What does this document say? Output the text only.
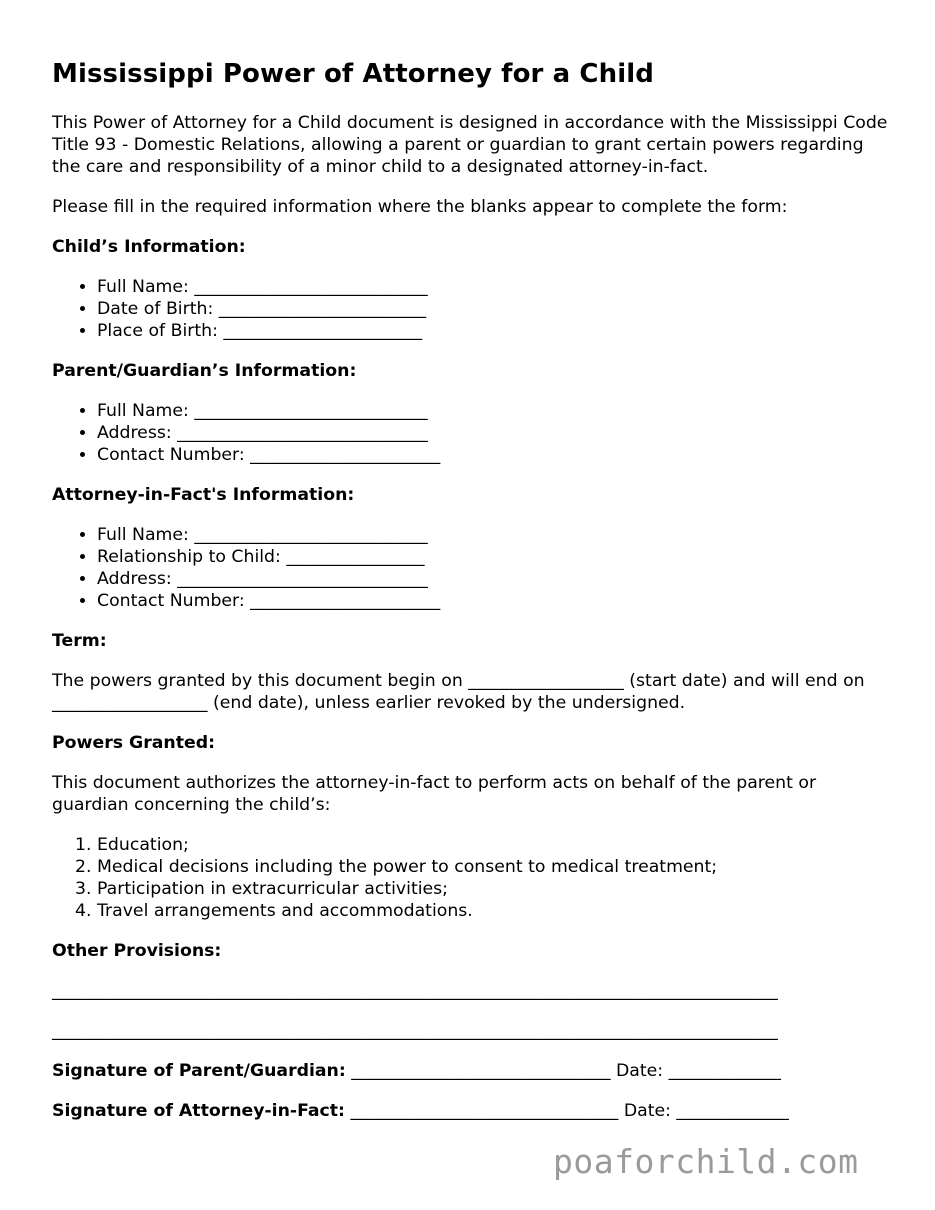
Mississippi Power of Attorney for a Child

This Power of Attorney for a Child document is designed in accordance with the Mississippi Code Title 93 - Domestic Relations, allowing a parent or guardian to grant certain powers regarding the care and responsibility of a minor child to a designated attorney-in-fact.

Please fill in the required information where the blanks appear to complete the form:

Child’s Information:
• Full Name: ___________________________
• Date of Birth: ________________________
• Place of Birth: _______________________
Parent/Guardian’s Information:
• Full Name: ___________________________
• Address: _____________________________
• Contact Number: ______________________
Attorney-in-Fact's Information:
• Full Name: ___________________________
• Relationship to Child: ________________
• Address: _____________________________
• Contact Number: ______________________
Term:

The powers granted by this document begin on __________________ (start date) and will end on __________________ (end date), unless earlier revoked by the undersigned.

Powers Granted:

This document authorizes the attorney-in-fact to perform acts on behalf of the parent or guardian concerning the child’s:

1. Education;
2. Medical decisions including the power to consent to medical treatment;
3. Participation in extracurricular activities;
4. Travel arrangements and accommodations.
Other Provisions:
____________________________________________________________________________________
____________________________________________________________________________________
Signature of Parent/Guardian: ______________________________ Date: _____________
Signature of Attorney-in-Fact: _______________________________ Date: _____________
poaforchild.com
